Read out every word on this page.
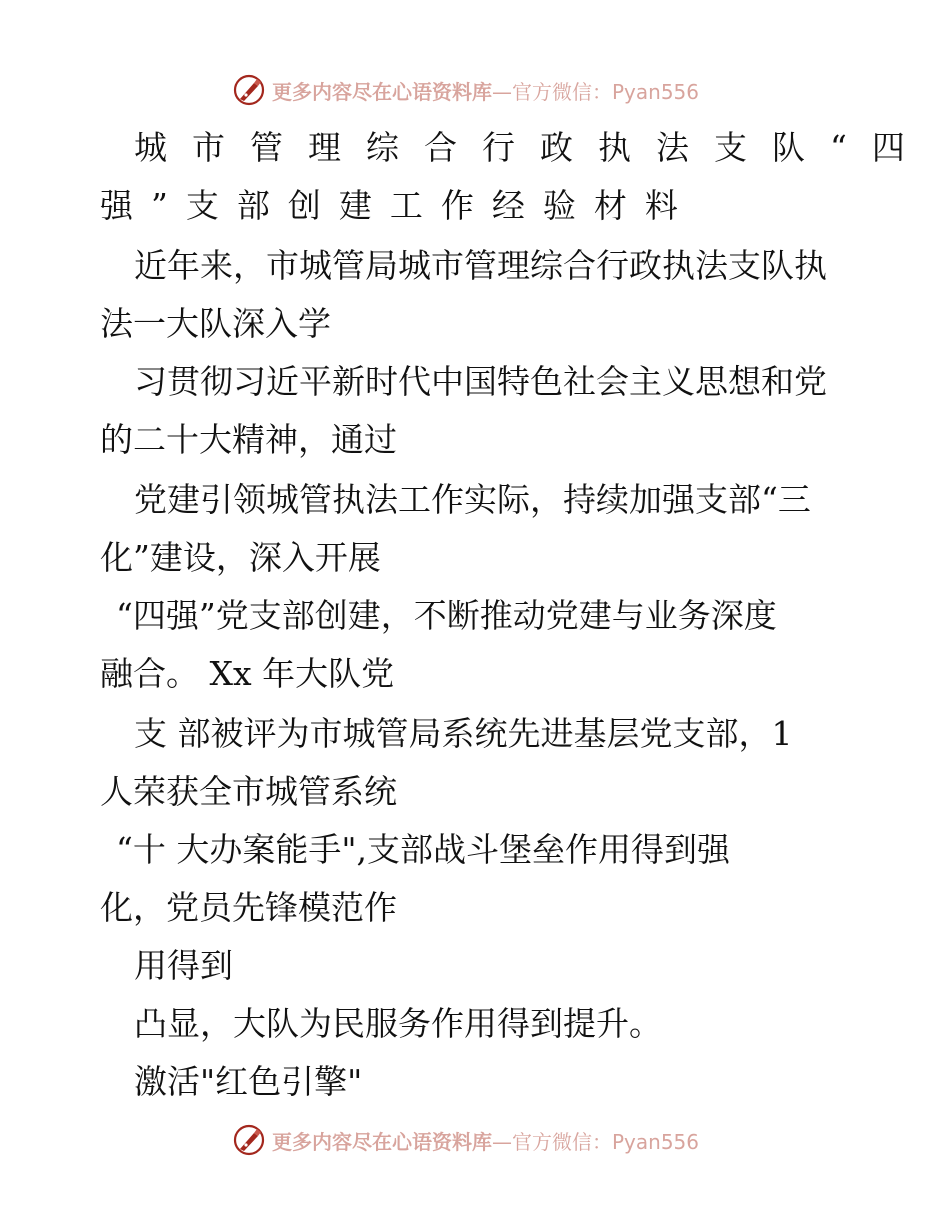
更多内容尽在心语资料库 —官方微信：Pyan556
城市管理综合行政执法支队“四
强”支部创建工作经验材料
近年来，市城管局城市管理综合行政执法支队执
法一大队深入学
习贯彻习近平新时代中国特色社会主义思想和党
的二十大精神，通过
党建引领城管执法工作实际，持续加强支部“三
化”建设，深入开展
“四强”党支部创建，不断推动党建与业务深度
融合。 Xx 年大队党
支 部被评为市城管局系统先进基层党支部，1
人荣获全市城管系统
“十 大办案能手",支部战斗堡垒作用得到强
化，党员先锋模范作
用得到
凸显，大队为民服务作用得到提升。
激活"红色引擎"
更多内容尽在心语资料库 —官方微信：Pyan556
